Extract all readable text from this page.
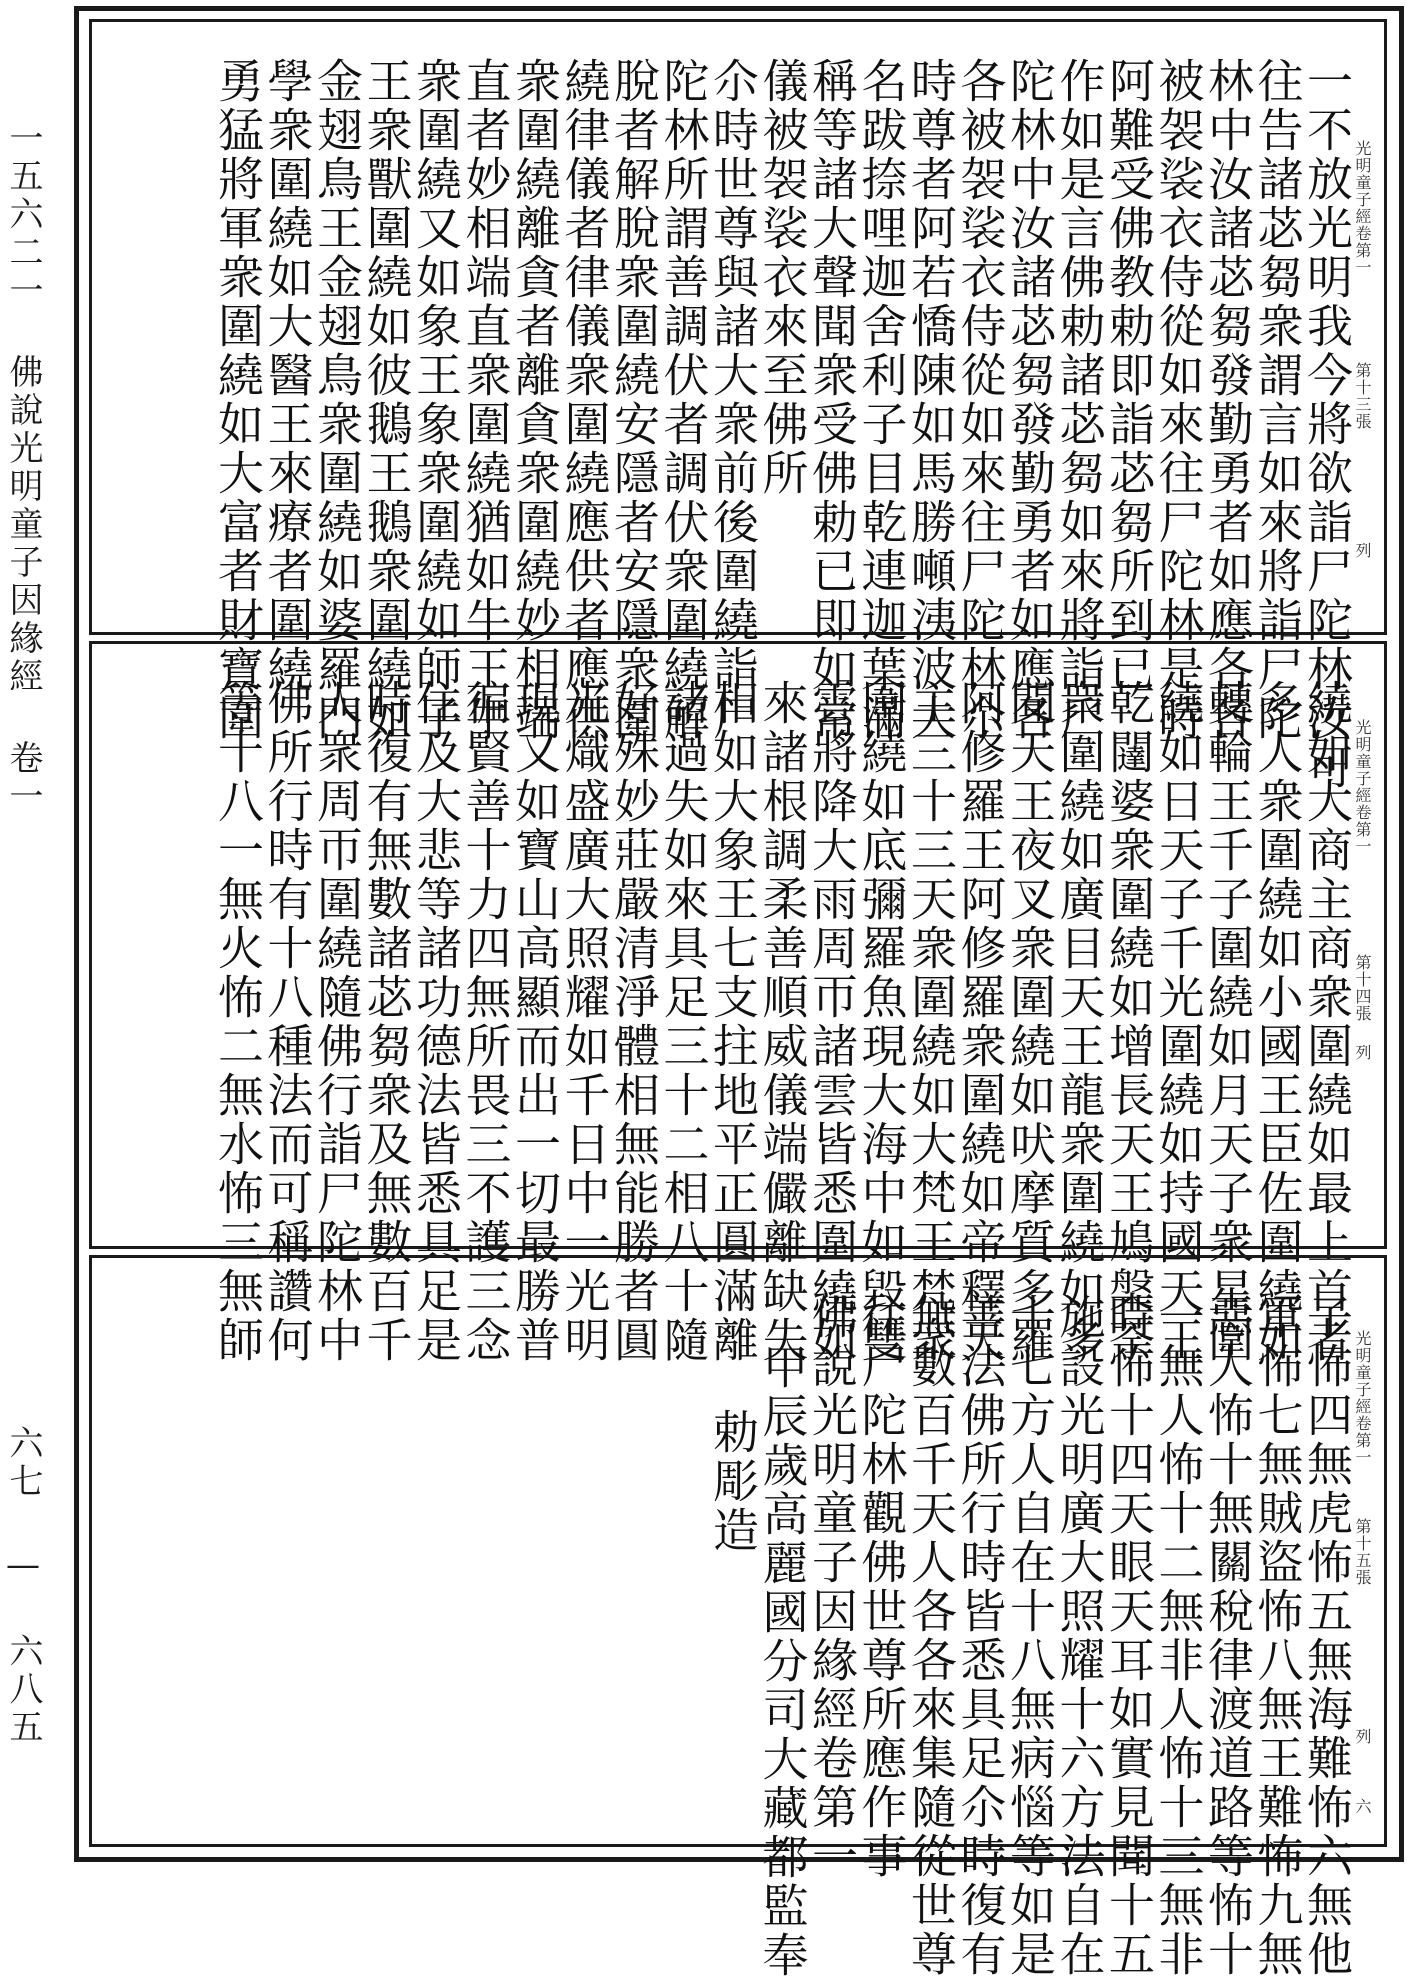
一五六二一 佛說光明童子因緣經 卷一
六七 — 六八五
光明童子經卷第一
第十三張
列
一不放光明我今將欲詣尸陀林汝可
往告諸苾芻衆謂言如來將詣尸陀
林中汝諸苾芻發勤勇者如應各各
被袈裟衣侍從如來往尸陀林是時
阿難受佛教勅即詣苾芻所到已
作如是言佛勅諸苾芻如來將詣尸
陀林中汝諸苾芻發勤勇者如應各
各被袈裟衣侍從如來往尸陀林尒
時尊者阿若憍陳如馬勝噸洟波大
名跋捺哩迦舍利子目乾連迦葉滿
稱等諸大聲聞衆受佛勅已即如常
儀被袈裟衣來至佛所
尒時世尊與諸大衆前後圍繞詣尸
陀林所謂善調伏者調伏衆圍繞解
脫者解脫衆圍繞安隱者安隱衆圍
繞律儀者律儀衆圍繞應供者應供
衆圍繞離貪者離貪衆圍繞妙相端
直者妙相端直衆圍繞猶如牛王牛
衆圍繞又如象王象衆圍繞如師子
王衆獸圍繞如彼鵝王鵝衆圍繞如
金翅鳥王金翅鳥衆圍繞如婆羅門
學衆圍繞如大醫王來療者圍繞
勇猛將軍衆圍繞如大富者財寶圍
光明童子經卷第一
第十四張
列
繞如大商主商衆圍繞如最上首者
多人衆圍繞如小國王臣佐圍繞如
轉輪王千子圍繞如月天子衆星圍
繞如日天子千光圍繞如持國天王
乾闥婆衆圍繞如增長天王鳩槃荼
衆圍繞如廣目天王龍衆圍繞如多
聞天王夜叉衆圍繞如吠摩質多羅
阿修羅王阿修羅衆圍繞如帝釋天
主三十三天衆圍繞如大梵王梵衆
圍繞如底彌羅魚現大海中如毀雙
雲將降大雨周帀諸雲皆悉圍繞如
來諸根調柔善順威儀端儼離缺失
相如大象王七支拄地平正圓滿離
諸過失如來具足三十二相八十隨
好殊妙莊嚴清淨體相無能勝者圓
光熾盛廣大照耀如千日中一光明
現又如寶山高顯而出一切最勝普
徧賢善十力四無所畏三不護三念
住及大悲等諸功德法皆悉具足是
時復有無數諸苾芻衆及無數百千
人衆周帀圍繞隨佛行詣尸陀林中
佛所行時有十八種法而可稱讚何
等十八一無火怖二無水怖三無師
光明童子經卷第一
第十五張
列
六
子怖四無虎怖五無海難怖六無他
軍怖七無賊盜怖八無王難怖九無
惡人怖十無關稅律渡道路等怖十
一無人怖十二無非人怖十三無非
時怖十四天眼天耳如實見聞十五
施設光明廣大照耀十六方法自在
十七方人自在十八無病惱等如是
善法佛所行時皆悉具足尒時復有
無數百千天人各各來集隨從世尊
往尸陀林觀佛世尊所應作事
佛說光明童子因緣經卷第一
甲辰歲高麗國分司大藏都監奉
勅彫造
